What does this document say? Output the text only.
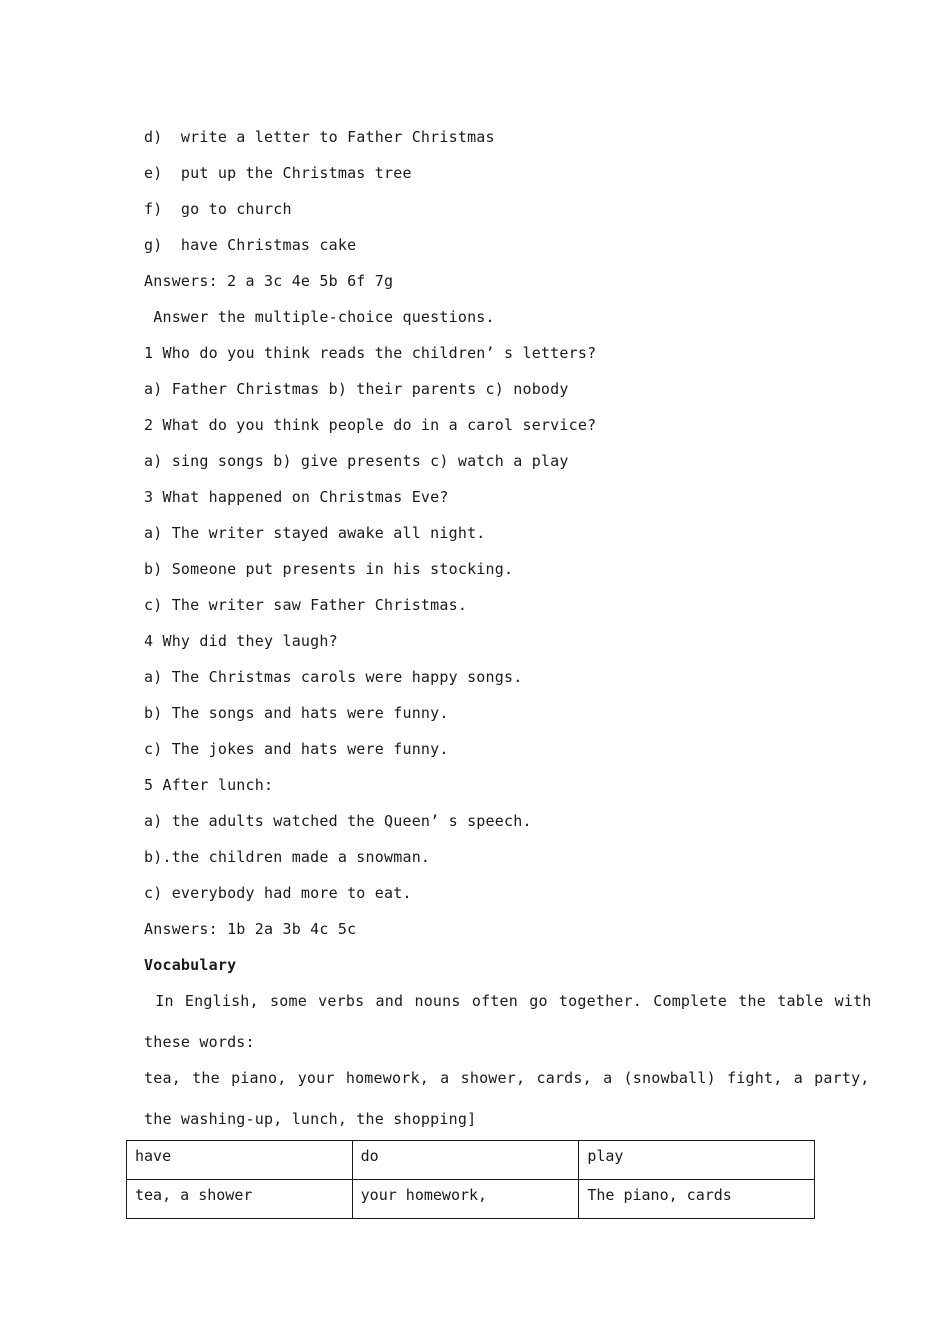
d)  write a letter to Father Christmas
e)  put up the Christmas tree
f)  go to church
g)  have Christmas cake
Answers: 2 a 3c 4e 5b 6f 7g
Answer the multiple-choice questions.
1 Who do you think reads the children’ s letters?
a) Father Christmas b) their parents c) nobody
2 What do you think people do in a carol service?
a) sing songs b) give presents c) watch a play
3 What happened on Christmas Eve?
a) The writer stayed awake all night.
b) Someone put presents in his stocking.
c) The writer saw Father Christmas.
4 Why did they laugh?
a) The Christmas carols were happy songs.
b) The songs and hats were funny.
c) The jokes and hats were funny.
5 After lunch:
a) the adults watched the Queen’ s speech.
b).the children made a snowman.
c) everybody had more to eat.
Answers: 1b 2a 3b 4c 5c
Vocabulary
In English, some verbs and nouns often go together. Complete the table with
these words:
tea, the piano, your homework, a shower, cards, a (snowball) fight, a party,
the washing-up, lunch, the shopping]
have	do	play
tea, a shower	your homework,	The piano, cards
